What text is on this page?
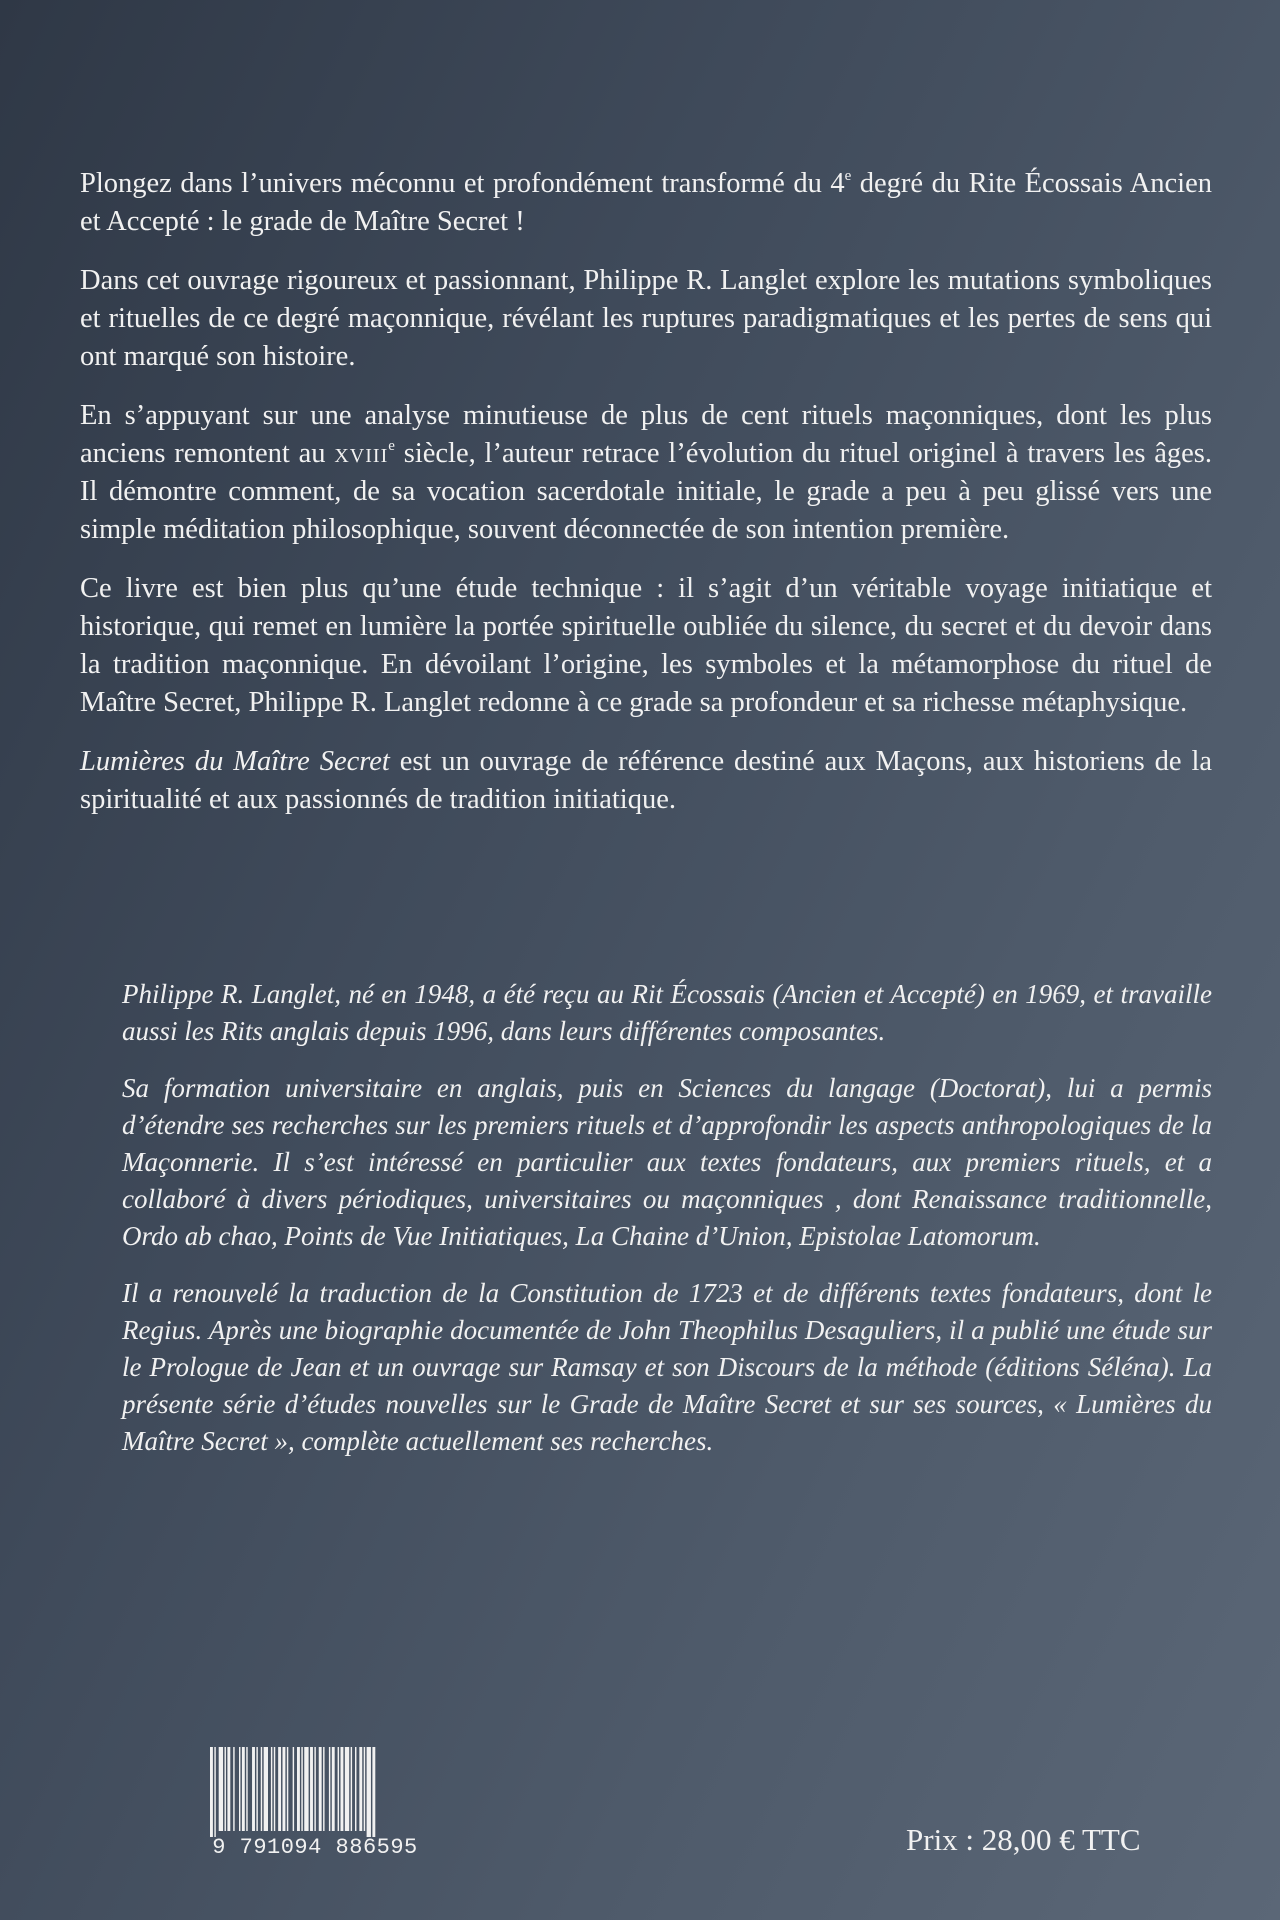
Plongez dans l’univers méconnu et profondément transformé du 4e degré du Rite Écossais Ancien et Accepté : le grade de Maître Secret !

Dans cet ouvrage rigoureux et passionnant, Philippe R. Langlet explore les mutations symboliques et rituelles de ce degré maçonnique, révélant les ruptures paradigmatiques et les pertes de sens qui ont marqué son histoire.

En s’appuyant sur une analyse minutieuse de plus de cent rituels maçonniques, dont les plus anciens remontent au xviii$^e$ siècle, l’auteur retrace l’évolution du rituel originel à travers les âges. Il démontre comment, de sa vocation sacerdotale initiale, le grade a peu à peu glissé vers une simple méditation philosophique, souvent déconnectée de son intention première.

Ce livre est bien plus qu’une étude technique : il s’agit d’un véritable voyage initiatique et historique, qui remet en lumière la portée spirituelle oubliée du silence, du secret et du devoir dans la tradition maçonnique. En dévoilant l’origine, les symboles et la métamorphose du rituel de Maître Secret, Philippe R. Langlet redonne à ce grade sa profondeur et sa richesse métaphysique.

Lumières du Maître Secret est un ouvrage de référence destiné aux Maçons, aux historiens de la spiritualité et aux passionnés de tradition initiatique.

Philippe R. Langlet, né en 1948, a été reçu au Rit Écossais (Ancien et Accepté) en 1969, et travaille aussi les Rits anglais depuis 1996, dans leurs différentes composantes.

Sa formation universitaire en anglais, puis en Sciences du langage (Doctorat), lui a permis d’étendre ses recherches sur les premiers rituels et d’approfondir les aspects anthropologiques de la Maçonnerie. Il s’est intéressé en particulier aux textes fondateurs, aux premiers rituels, et a collaboré à divers périodiques, universitaires ou maçonniques , dont Renaissance traditionnelle, Ordo ab chao, Points de Vue Initiatiques, La Chaine d’Union, Epistolae Latomorum.

Il a renouvelé la traduction de la Constitution de 1723 et de différents textes fondateurs, dont le Regius. Après une biographie documentée de John Theophilus Desaguliers, il a publié une étude sur le Prologue de Jean et un ouvrage sur Ramsay et son Discours de la méthode (éditions Séléna). La présente série d’études nouvelles sur le Grade de Maître Secret et sur ses sources, « Lumières du Maître Secret », complète actuellement ses recherches.

9 791094 886595	Prix : 28,00 € TTC
